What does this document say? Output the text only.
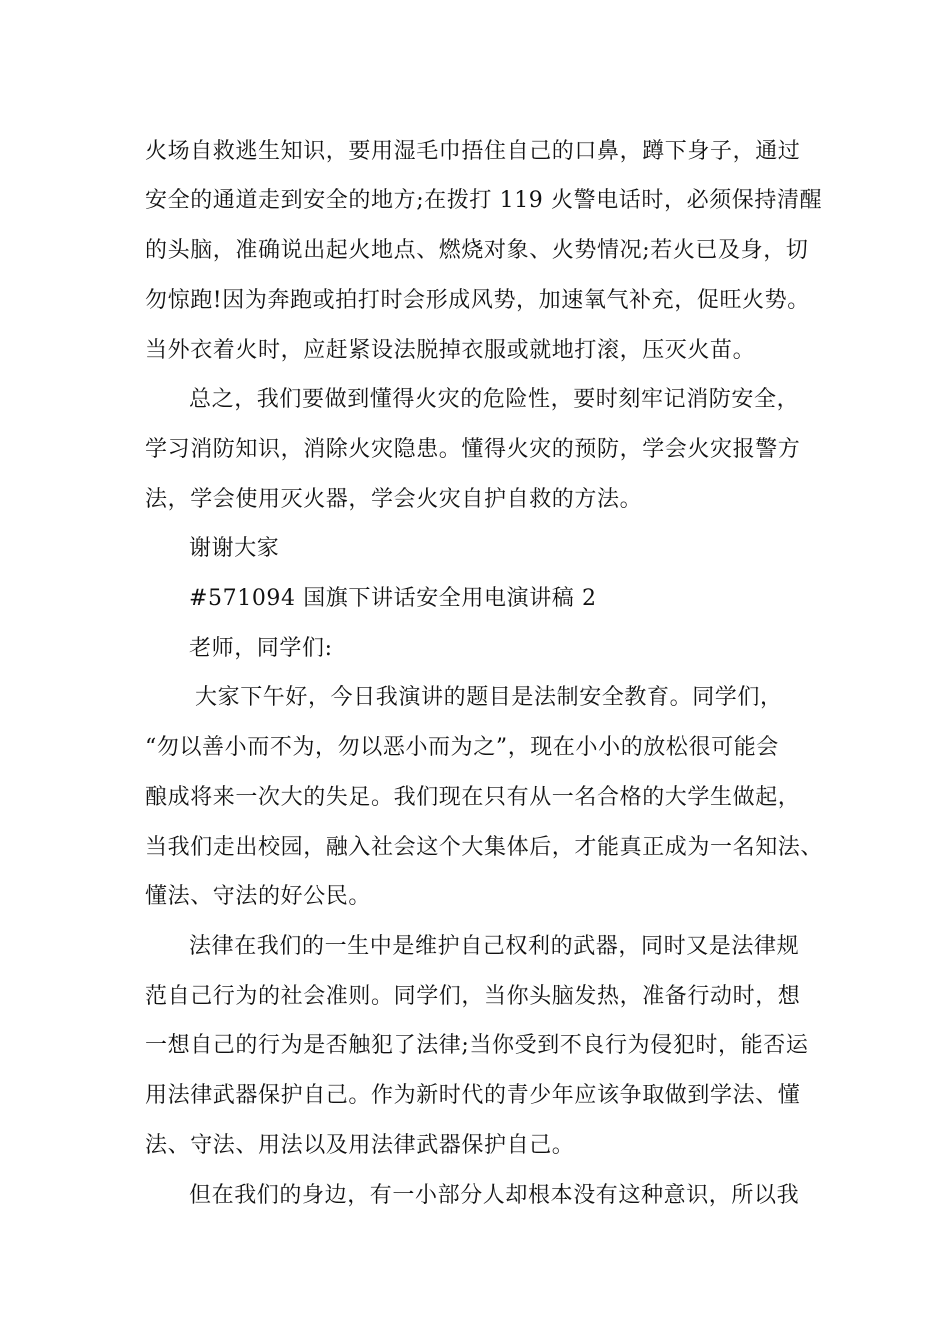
火场自救逃生知识，要用湿毛巾捂住自己的口鼻，蹲下身子，通过
安全的通道走到安全的地方;在拨打 119 火警电话时，必须保持清醒
的头脑，准确说出起火地点、燃烧对象、火势情况;若火已及身，切
勿惊跑!因为奔跑或拍打时会形成风势，加速氧气补充，促旺火势。
当外衣着火时，应赶紧设法脱掉衣服或就地打滚，压灭火苗。
总之，我们要做到懂得火灾的危险性，要时刻牢记消防安全，
学习消防知识，消除火灾隐患。懂得火灾的预防，学会火灾报警方
法，学会使用灭火器，学会火灾自护自救的方法。
谢谢大家
#571094 国旗下讲话安全用电演讲稿 2
老师，同学们:
大家下午好，今日我演讲的题目是法制安全教育。同学们，
“勿以善小而不为，勿以恶小而为之”，现在小小的放松很可能会
酿成将来一次大的失足。我们现在只有从一名合格的大学生做起，
当我们走出校园，融入社会这个大集体后，才能真正成为一名知法、
懂法、守法的好公民。
法律在我们的一生中是维护自己权利的武器，同时又是法律规
范自己行为的社会准则。同学们，当你头脑发热，准备行动时，想
一想自己的行为是否触犯了法律;当你受到不良行为侵犯时，能否运
用法律武器保护自己。作为新时代的青少年应该争取做到学法、懂
法、守法、用法以及用法律武器保护自己。
但在我们的身边，有一小部分人却根本没有这种意识，所以我
